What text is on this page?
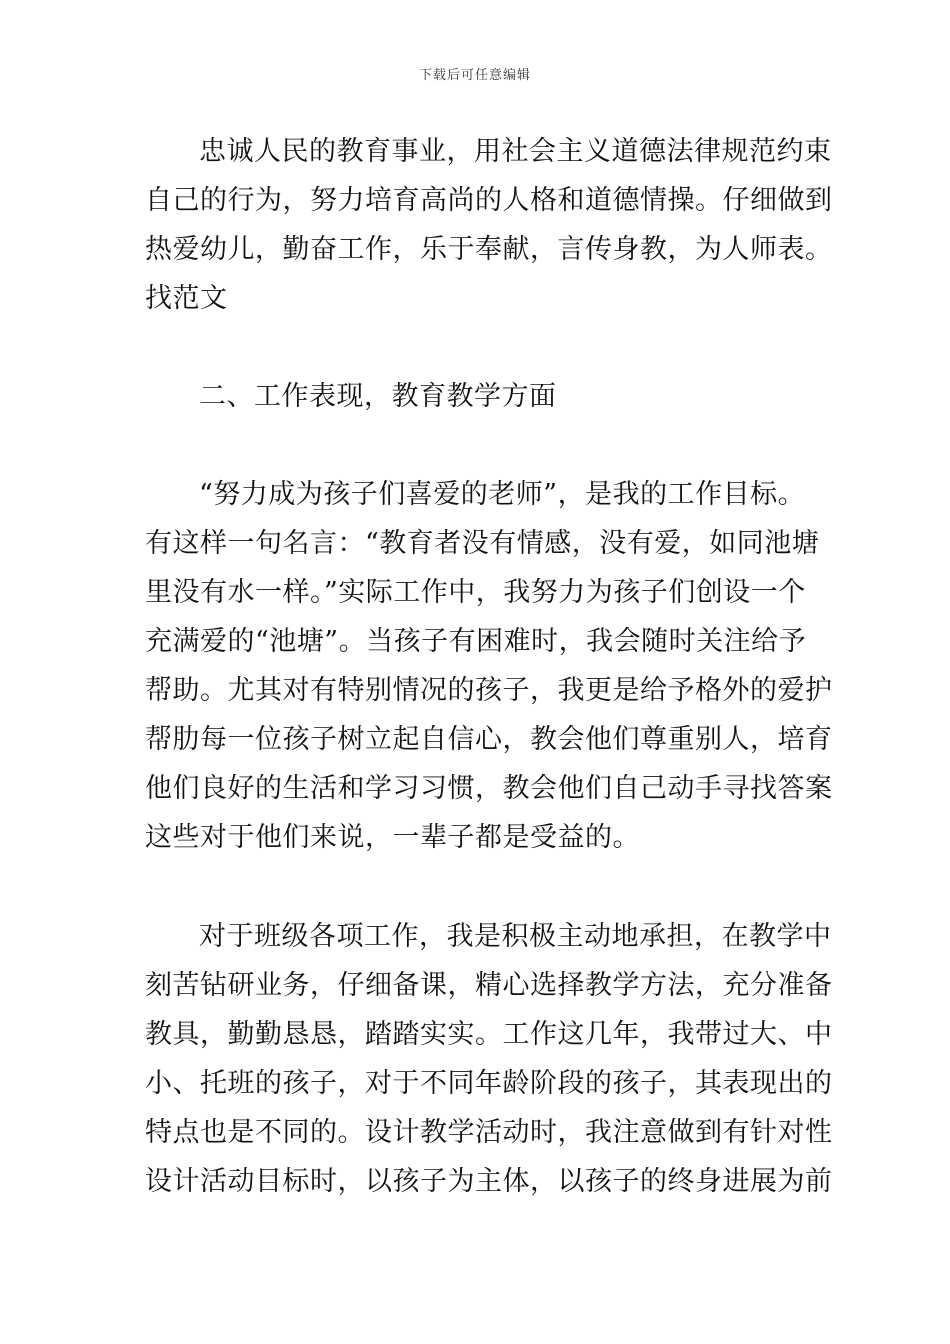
下载后可任意编辑

忠诚人民的教育事业，用社会主义道德法律规范约束
自己的行为，努力培育高尚的人格和道德情操。仔细做到
热爱幼儿，勤奋工作，乐于奉献，言传身教，为人师表。
找范文

二、工作表现，教育教学方面

“努力成为孩子们喜爱的老师”，是我的工作目标。
有这样一句名言：“教育者没有情感，没有爱，如同池塘
里没有水一样。”实际工作中，我努力为孩子们创设一个
充满爱的“池塘”。当孩子有困难时，我会随时关注给予
帮助。尤其对有特别情况的孩子，我更是给予格外的爱护
帮肋每一位孩子树立起自信心，教会他们尊重别人，培育
他们良好的生活和学习习惯，教会他们自己动手寻找答案
这些对于他们来说，一辈子都是受益的。

对于班级各项工作，我是积极主动地承担，在教学中
刻苦钻研业务，仔细备课，精心选择教学方法，充分准备
教具，勤勤恳恳，踏踏实实。工作这几年，我带过大、中
小、托班的孩子，对于不同年龄阶段的孩子，其表现出的
特点也是不同的。设计教学活动时，我注意做到有针对性
设计活动目标时，以孩子为主体，以孩子的终身进展为前
